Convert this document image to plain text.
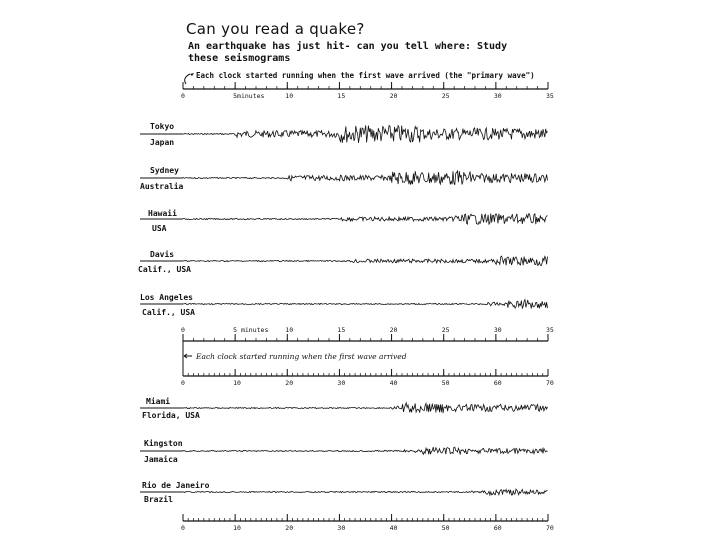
Can you read a quake?
An earthquake has just hit- can you tell where: Study these seismograms
Each clock started running when the first wave arrived (the "primary wave")
Each clock started running when the first wave arrived
Tokyo
Japan
Sydney
Australia
Hawaii
USA
Davis
Calif., USA
Los Angeles
Calif., USA
Miami
Florida, USA
Kingston
Jamaica
Rio de Janeiro
Brazil
0	5minutes	10	15	20	25	30	35
0	5 minutes	10	15	20	25	30	35
0	10	20	30	40	50	60	70
0	10	20	30	40	50	60	70
